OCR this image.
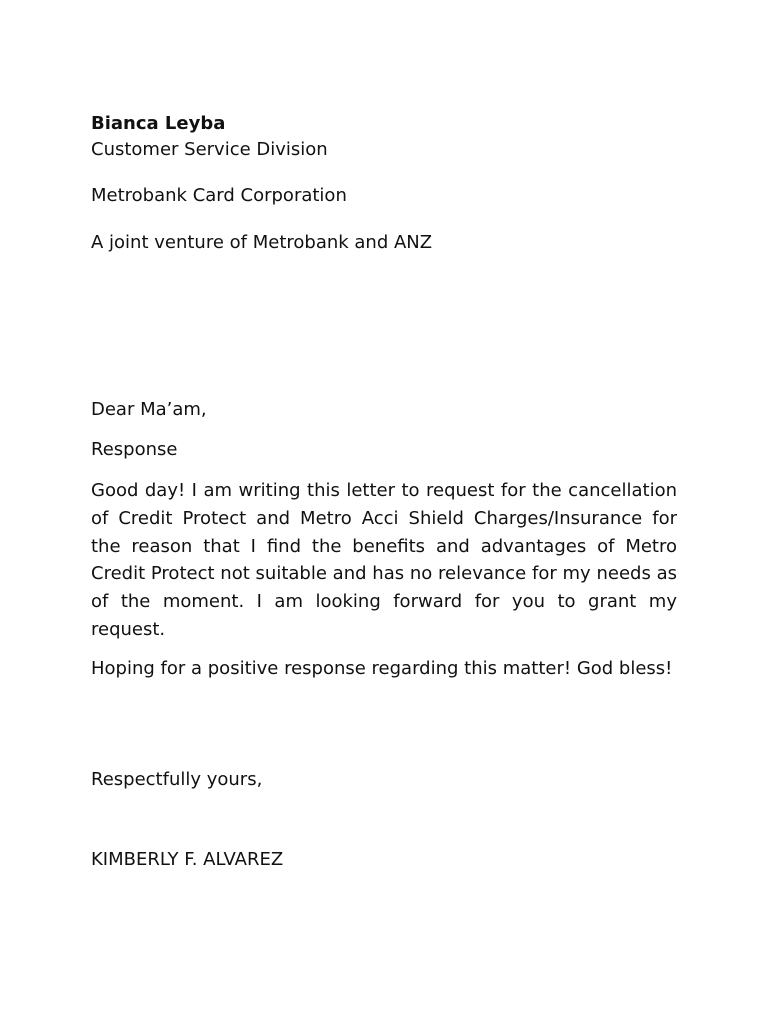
Bianca Leyba
Customer Service Division
Metrobank Card Corporation
A joint venture of Metrobank and ANZ
Dear Ma’am,
Response
Good day! I am writing this letter to request for the cancellation of Credit Protect and Metro Acci Shield Charges/Insurance for the reason that I find the benefits and advantages of Metro Credit Protect not suitable and has no relevance for my needs as of the moment. I am looking forward for you to grant my request.
Hoping for a positive response regarding this matter! God bless!
Respectfully yours,
KIMBERLY F. ALVAREZ
